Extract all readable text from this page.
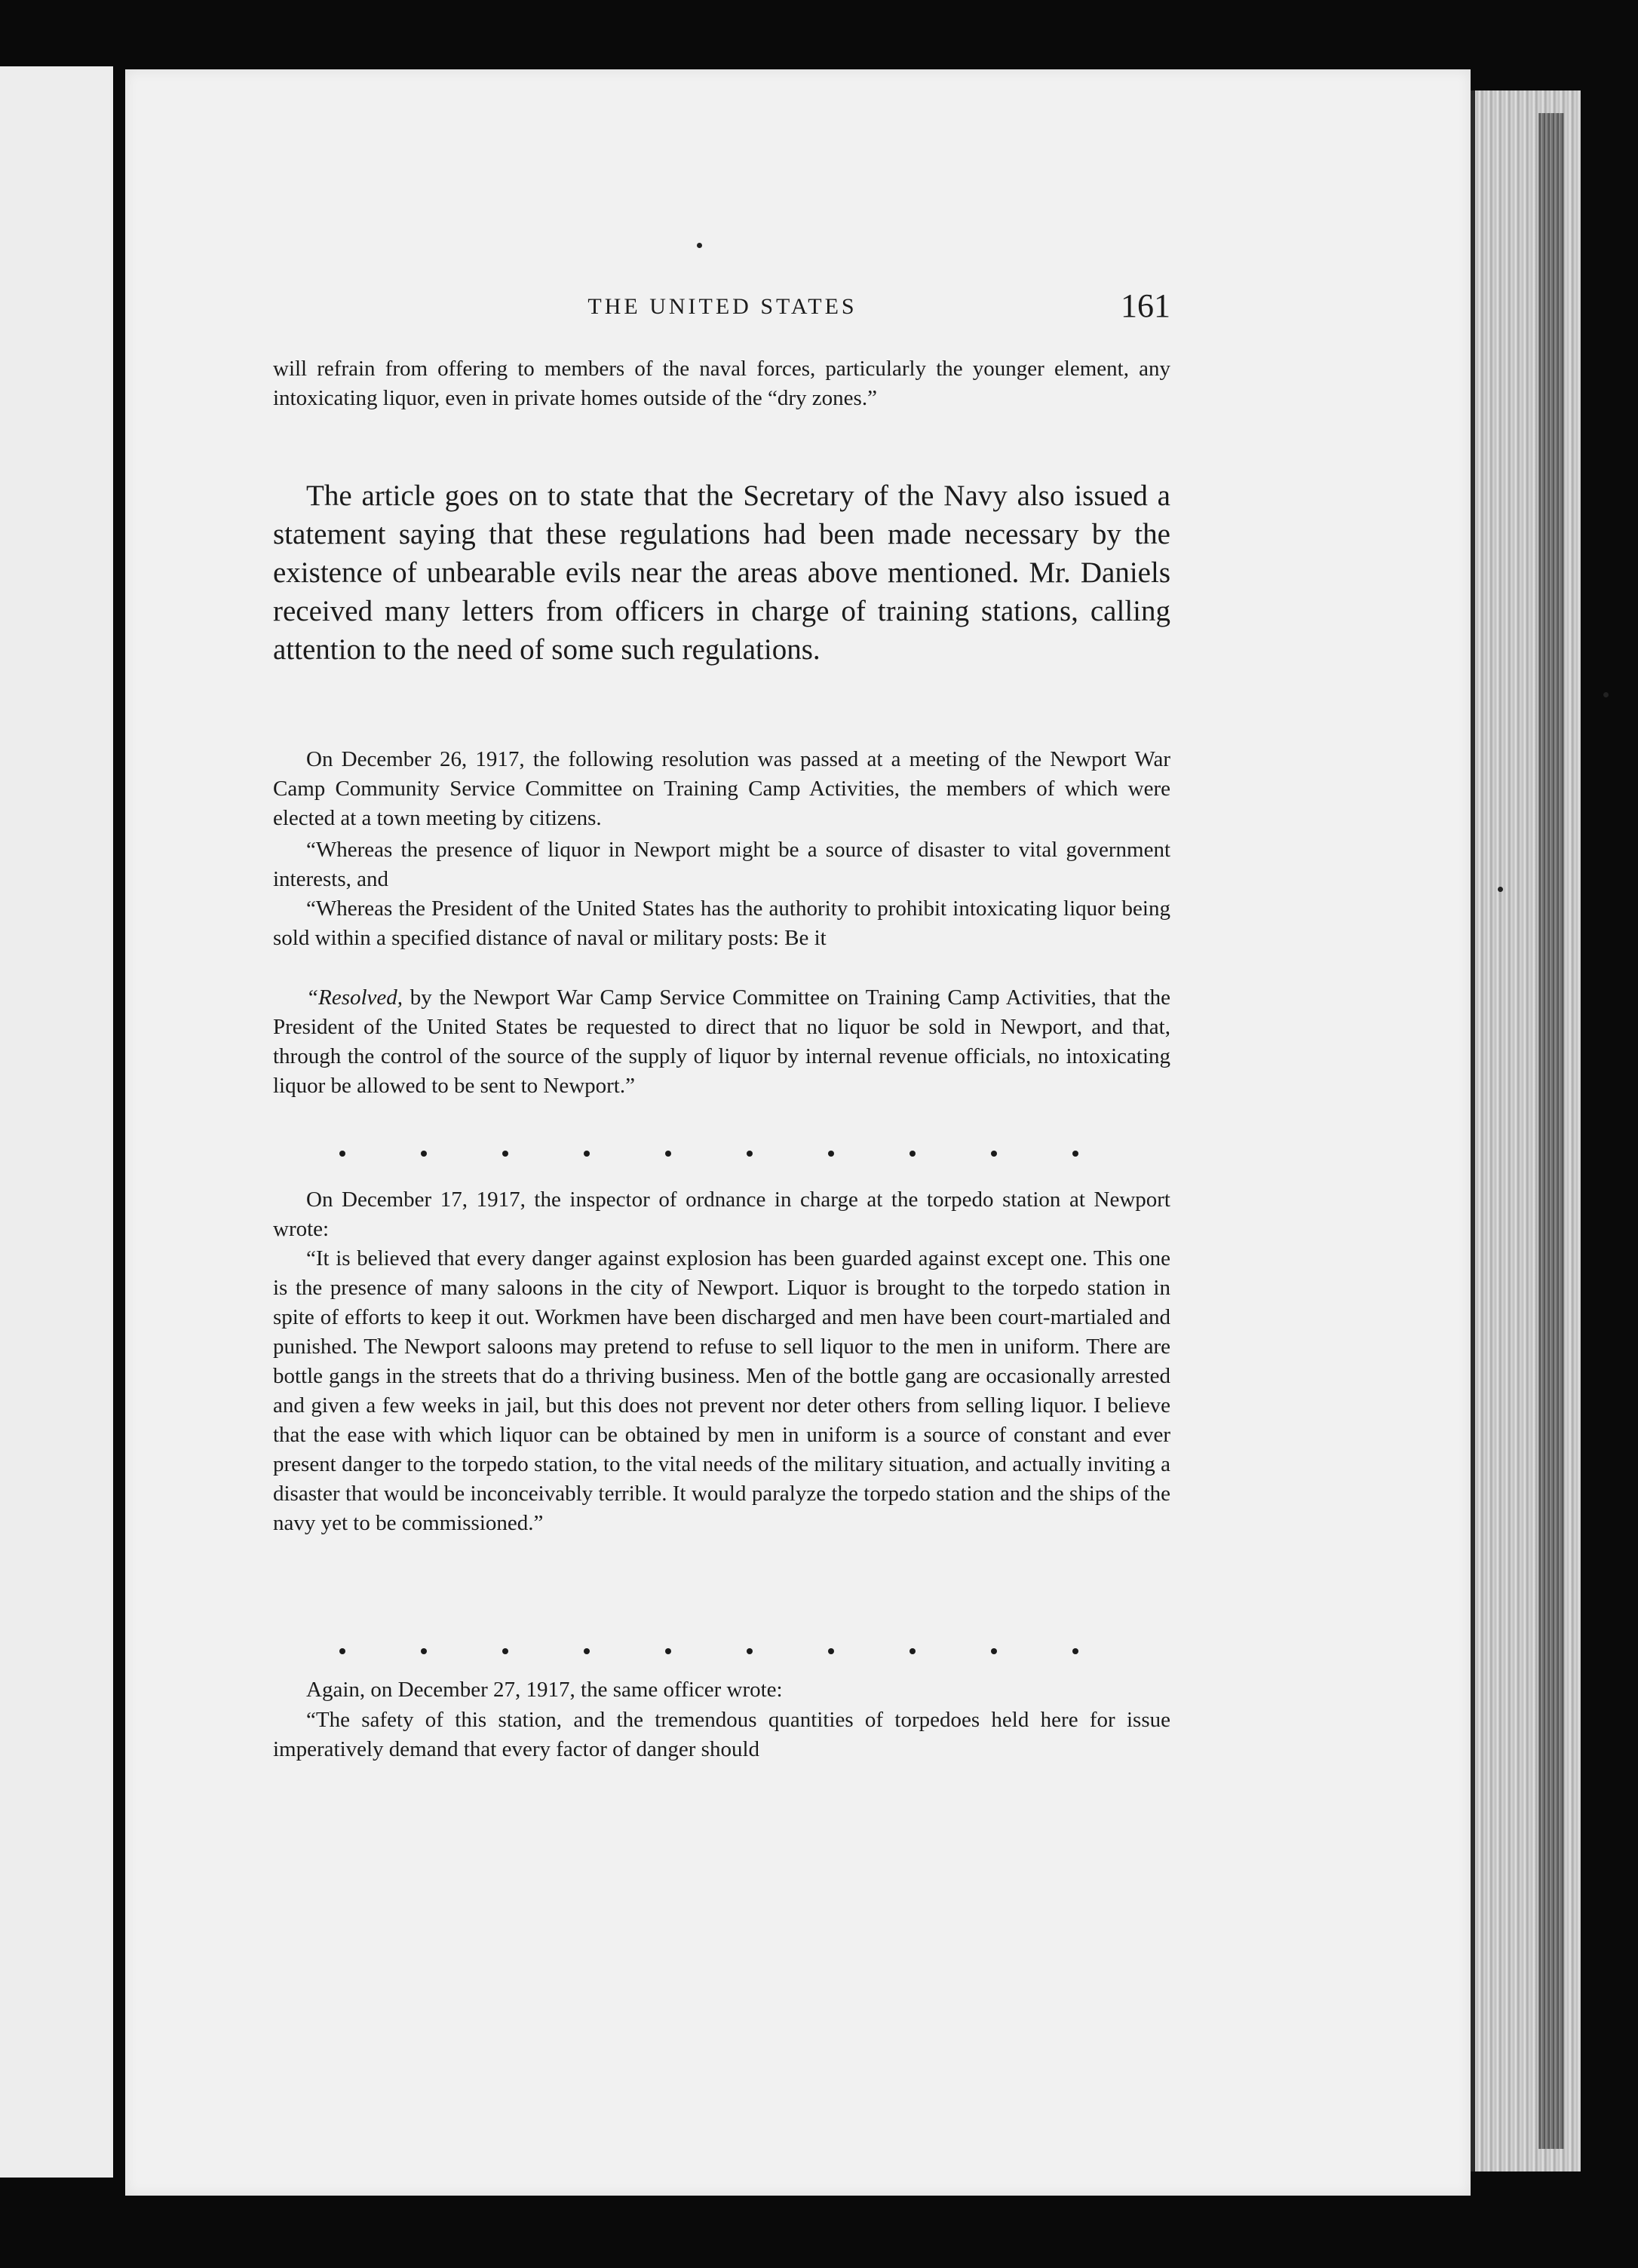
THE UNITED STATES	161

will refrain from offering to members of the naval forces, particularly the younger element, any intoxicating liquor, even in private homes outside of the “dry zones.”

The article goes on to state that the Secretary of the Navy also issued a statement saying that these regulations had been made necessary by the existence of unbearable evils near the areas above mentioned. Mr. Daniels received many letters from officers in charge of training stations, calling attention to the need of some such regulations.

On December 26, 1917, the following resolution was passed at a meeting of the Newport War Camp Community Service Committee on Training Camp Activities, the members of which were elected at a town meeting by citizens.

“Whereas the presence of liquor in Newport might be a source of disaster to vital government interests, and

“Whereas the President of the United States has the authority to prohibit intoxicating liquor being sold within a specified distance of naval or military posts: Be it

“Resolved, by the Newport War Camp Service Committee on Training Camp Activities, that the President of the United States be requested to direct that no liquor be sold in Newport, and that, through the control of the source of the supply of liquor by internal revenue officials, no intoxicating liquor be allowed to be sent to Newport.”

On December 17, 1917, the inspector of ordnance in charge at the torpedo station at Newport wrote:

“It is believed that every danger against explosion has been guarded against except one. This one is the presence of many saloons in the city of Newport. Liquor is brought to the torpedo station in spite of efforts to keep it out. Workmen have been discharged and men have been court-martialed and punished. The Newport saloons may pretend to refuse to sell liquor to the men in uniform. There are bottle gangs in the streets that do a thriving business. Men of the bottle gang are occasionally arrested and given a few weeks in jail, but this does not prevent nor deter others from selling liquor. I believe that the ease with which liquor can be obtained by men in uniform is a source of constant and ever present danger to the torpedo station, to the vital needs of the military situation, and actually inviting a disaster that would be inconceivably terrible. It would paralyze the torpedo station and the ships of the navy yet to be commissioned.”

Again, on December 27, 1917, the same officer wrote:

“The safety of this station, and the tremendous quantities of torpedoes held here for issue imperatively demand that every factor of danger should
